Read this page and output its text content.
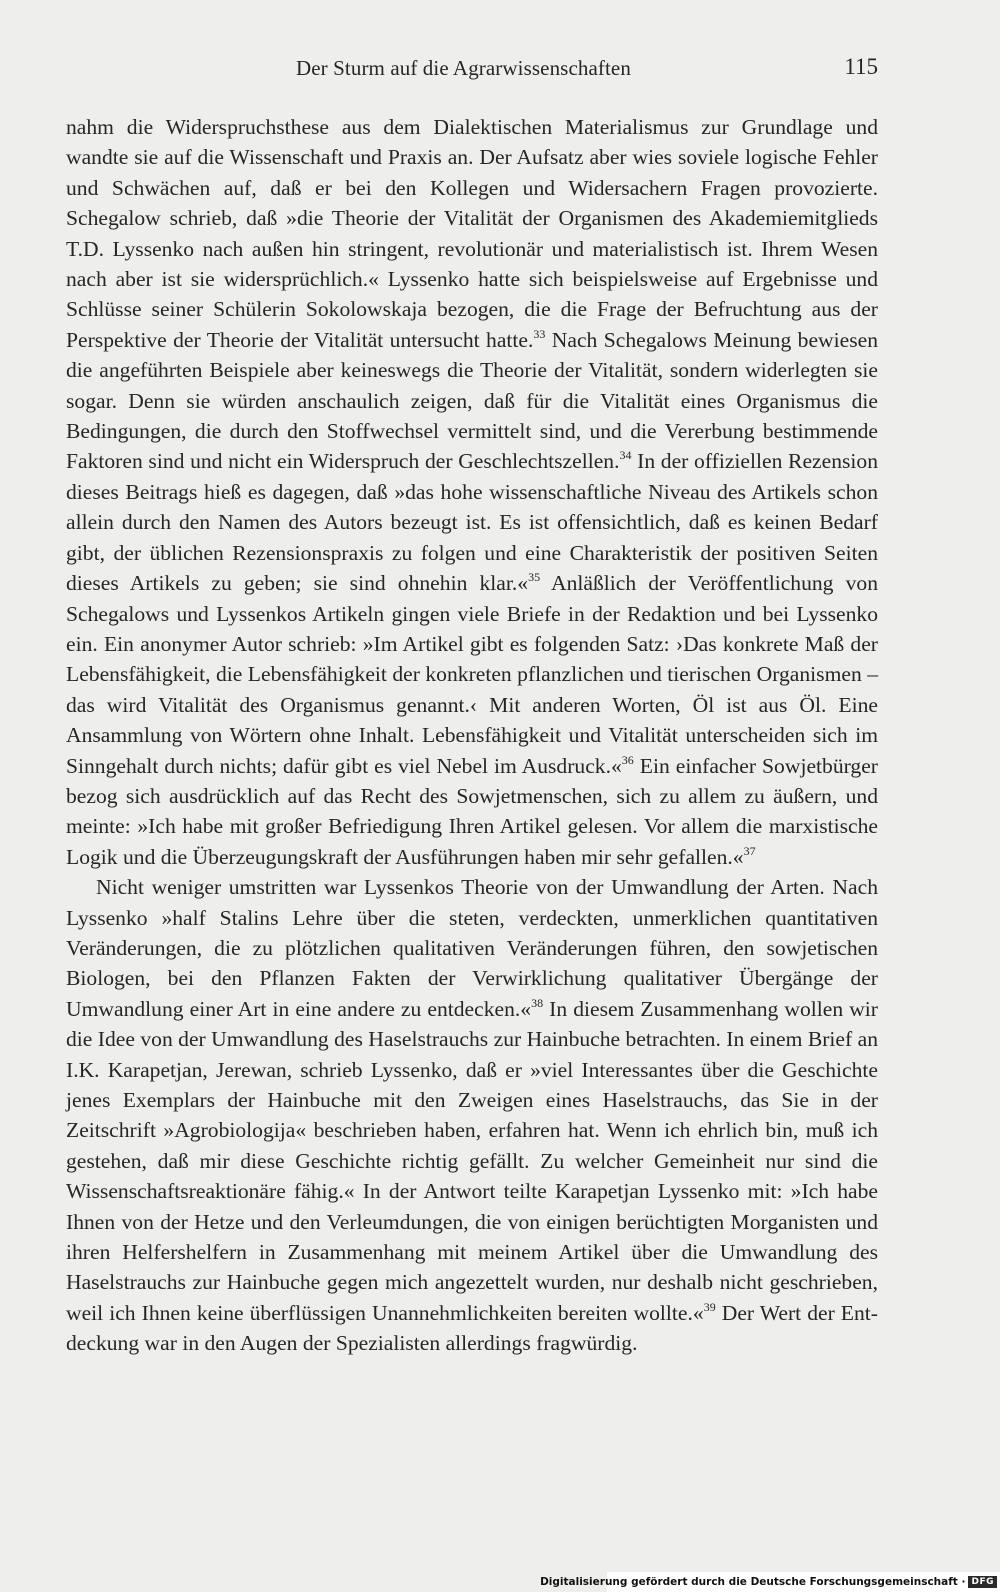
Der Sturm auf die Agrarwissenschaften	115

nahm die Widerspruchsthese aus dem Dialektischen Materialismus zur Grundlage und wandte sie auf die Wissenschaft und Praxis an. Der Aufsatz aber wies soviele logische Fehler und Schwächen auf, daß er bei den Kollegen und Widersachern Fragen provozierte. Schegalow schrieb, daß »die Theorie der Vitalität der Organismen des Akademiemitglieds T.D. Lyssenko nach außen hin stringent, revolutionär und materialistisch ist. Ihrem Wesen nach aber ist sie widersprüchlich.« Lyssenko hatte sich beispielsweise auf Ergebnisse und Schlüsse seiner Schülerin Sokolowskaja bezogen, die die Frage der Befruchtung aus der Perspektive der Theorie der Vitalität untersucht hatte.$^{33}$ Nach Schegalows Meinung bewiesen die angeführten Beispiele aber keineswegs die Theorie der Vitalität, sondern widerlegten sie sogar. Denn sie würden anschaulich zeigen, daß für die Vitalität eines Organismus die Bedingungen, die durch den Stoffwechsel vermittelt sind, und die Vererbung bestimmende Faktoren sind und nicht ein Widerspruch der Geschlechtszellen.$^{34}$ In der offiziellen Rezension dieses Beitrags hieß es dagegen, daß »das hohe wissenschaftliche Niveau des Artikels schon allein durch den Namen des Autors bezeugt ist. Es ist offensichtlich, daß es keinen Bedarf gibt, der üblichen Rezensionspraxis zu folgen und eine Charakteristik der positiven Seiten dieses Artikels zu geben; sie sind ohnehin klar.«$^{35}$ Anläßlich der Veröffentlichung von Schegalows und Lyssenkos Artikeln gingen viele Briefe in der Redaktion und bei Lyssenko ein. Ein anonymer Autor schrieb: »Im Artikel gibt es folgenden Satz: ›Das konkrete Maß der Lebensfähigkeit, die Lebensfähigkeit der konkreten pflanzlichen und tierischen Organismen – das wird Vitalität des Organismus genannt.‹ Mit anderen Worten, Öl ist aus Öl. Eine Ansammlung von Wörtern ohne Inhalt. Lebensfähigkeit und Vitalität unterscheiden sich im Sinngehalt durch nichts; dafür gibt es viel Nebel im Ausdruck.«$^{36}$ Ein einfacher Sowjetbürger bezog sich ausdrücklich auf das Recht des Sowjetmenschen, sich zu allem zu äußern, und meinte: »Ich habe mit großer Befriedigung Ihren Artikel gelesen. Vor allem die marxistische Logik und die Überzeugungskraft der Ausführungen haben mir sehr gefallen.«$^{37}$

Nicht weniger umstritten war Lyssenkos Theorie von der Umwandlung der Arten. Nach Lyssenko »half Stalins Lehre über die steten, verdeckten, unmerklichen quantitativen Veränderungen, die zu plötzlichen qualitativen Veränderungen führen, den sowjetischen Biologen, bei den Pflanzen Fakten der Verwirklichung qualitativer Übergänge der Umwandlung einer Art in eine andere zu entdecken.«$^{38}$ In diesem Zusammenhang wollen wir die Idee von der Umwandlung des Haselstrauchs zur Hainbuche betrachten. In einem Brief an I.K. Karapetjan, Jerewan, schrieb Lyssenko, daß er »viel Interessantes über die Geschichte jenes Exemplars der Hainbuche mit den Zweigen eines Haselstrauchs, das Sie in der Zeitschrift »Agrobiologija« beschrieben haben, erfahren hat. Wenn ich ehrlich bin, muß ich gestehen, daß mir diese Geschichte richtig gefällt. Zu welcher Gemeinheit nur sind die Wissenschaftsreaktionäre fähig.« In der Antwort teilte Karapetjan Lyssenko mit: »Ich habe Ihnen von der Hetze und den Verleumdungen, die von einigen berüchtigten Morganisten und ihren Helfershelfern in Zusammenhang mit meinem Artikel über die Umwandlung des Haselstrauchs zur Hainbuche gegen mich angezettelt wurden, nur deshalb nicht geschrieben, weil ich Ihnen keine überflüssigen Unannehmlichkeiten bereiten wollte.«$^{39}$ Der Wert der Entdeckung war in den Augen der Spezialisten allerdings fragwürdig.

Digitalisierung gefördert durch die Deutsche Forschungsgemeinschaft · DFG
